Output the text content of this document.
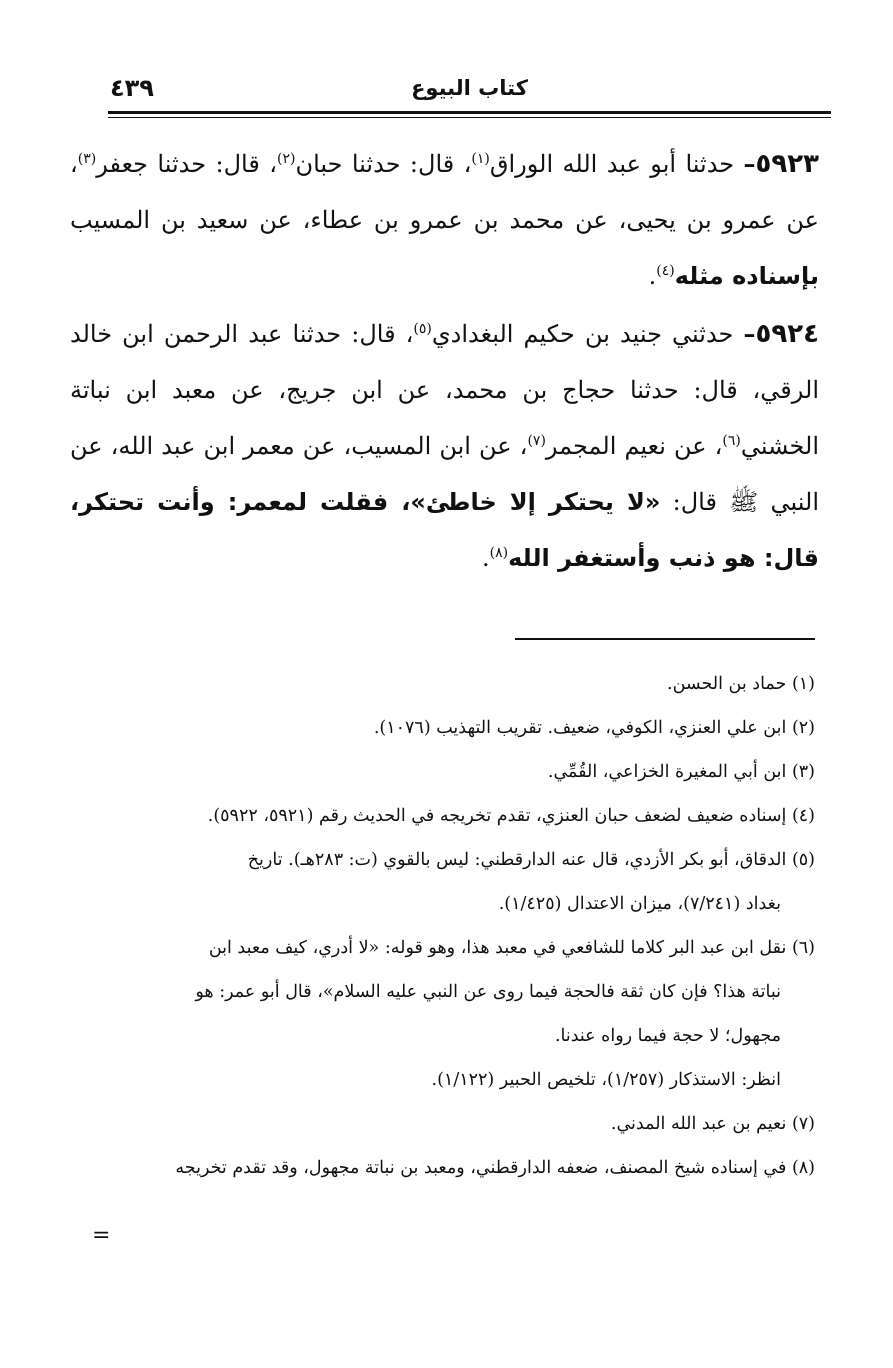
كتاب البيوع
٤٣٩

٥٩٢٣– حدثنا أبو عبد الله الوراق$^{(١)}$، قال: حدثنا حبان$^{(٢)}$، قال: حدثنا جعفر$^{(٣)}$، عن عمرو بن يحيى، عن محمد بن عمرو بن عطاء، عن سعيد بن المسيب بإسناده مثله$^{(٤)}$.

٥٩٢٤– حدثني جنيد بن حكيم البغدادي$^{(٥)}$، قال: حدثنا عبد الرحمن ابن خالد الرقي، قال: حدثنا حجاج بن محمد، عن ابن جريج، عن معبد ابن نباتة الخشني$^{(٦)}$، عن نعيم المجمر$^{(٧)}$، عن ابن المسيب، عن معمر ابن عبد الله، عن النبي ﷺ قال: «لا يحتكر إلا خاطئ»، فقلت لمعمر: وأنت تحتكر، قال: هو ذنب وأستغفر الله$^{(٨)}$.

(١) حماد بن الحسن.

(٢) ابن علي العنزي، الكوفي، ضعيف. تقريب التهذيب (١٠٧٦).

(٣) ابن أبي المغيرة الخزاعي، القُمِّي.

(٤) إسناده ضعيف لضعف حبان العنزي، تقدم تخريجه في الحديث رقم (٥٩٢١، ٥٩٢٢).

(٥) الدقاق، أبو بكر الأزدي، قال عنه الدارقطني: ليس بالقوي (ت: ٢٨٣هـ). تاريخ
بغداد (٧/٢٤١)، ميزان الاعتدال (١/٤٢٥).

(٦) نقل ابن عبد البر كلاما للشافعي في معبد هذا، وهو قوله: «لا أدري، كيف معبد ابن
نباتة هذا؟ فإن كان ثقة فالحجة فيما روى عن النبي عليه السلام»، قال أبو عمر: هو
مجهول؛ لا حجة فيما رواه عندنا.

انظر: الاستذكار (١/٢٥٧)، تلخيص الحبير (١/١٢٢).

(٧) نعيم بن عبد الله المدني.

(٨) في إسناده شيخ المصنف، ضعفه الدارقطني، ومعبد بن نباتة مجهول، وقد تقدم تخريجه

=
